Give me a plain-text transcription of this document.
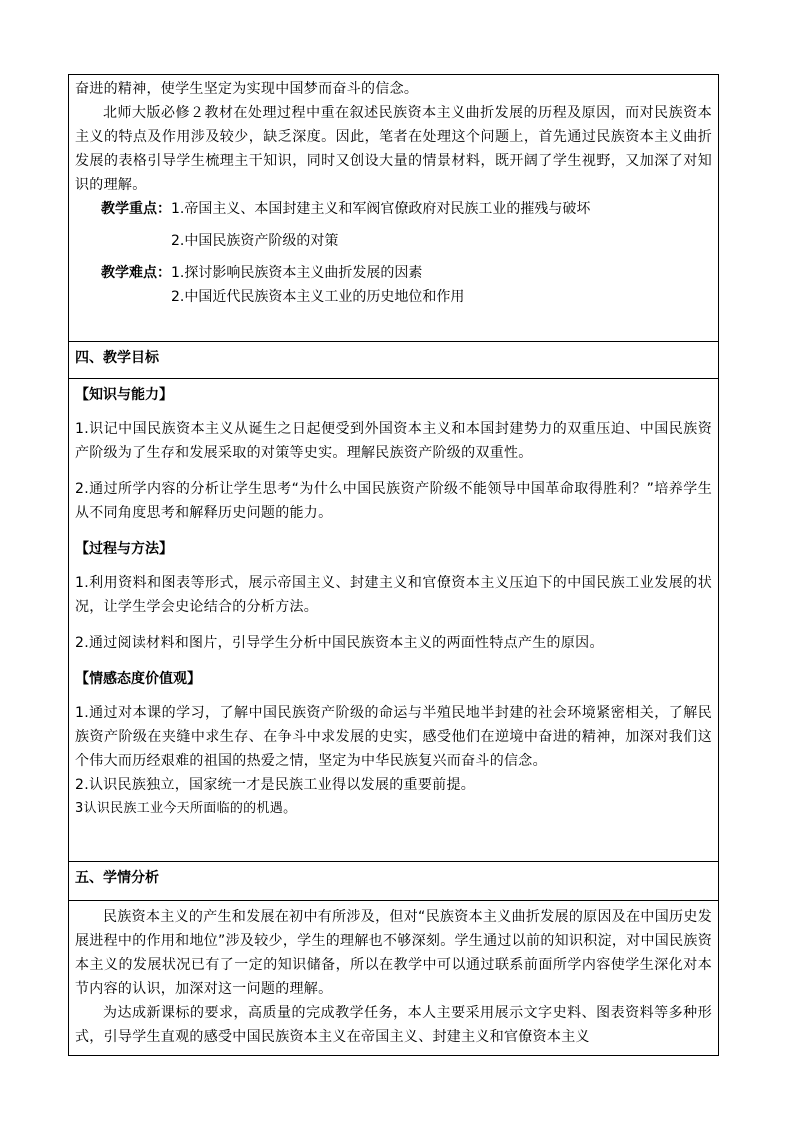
奋进的精神，使学生坚定为实现中国梦而奋斗的信念。

北师大版必修２教材在处理过程中重在叙述民族资本主义曲折发展的历程及原因，而对民族资本主义的特点及作用涉及较少，缺乏深度。因此，笔者在处理这个问题上，首先通过民族资本主义曲折发展的表格引导学生梳理主干知识，同时又创设大量的情景材料，既开阔了学生视野，又加深了对知识的理解。

教学重点： 1.帝国主义、本国封建主义和军阀官僚政府对民族工业的摧残与破坏
2.中国民族资产阶级的对策
教学难点： 1.探讨影响民族资本主义曲折发展的因素
2.中国近代民族资本主义工业的历史地位和作用

四、教学目标

【知识与能力】

1.识记中国民族资本主义从诞生之日起便受到外国资本主义和本国封建势力的双重压迫、中国民族资产阶级为了生存和发展采取的对策等史实。理解民族资产阶级的双重性。

2.通过所学内容的分析让学生思考“为什么中国民族资产阶级不能领导中国革命取得胜利？”培养学生从不同角度思考和解释历史问题的能力。

【过程与方法】

1.利用资料和图表等形式，展示帝国主义、封建主义和官僚资本主义压迫下的中国民族工业发展的状况，让学生学会史论结合的分析方法。

2.通过阅读材料和图片，引导学生分析中国民族资本主义的两面性特点产生的原因。

【情感态度价值观】

1.通过对本课的学习，了解中国民族资产阶级的命运与半殖民地半封建的社会环境紧密相关，了解民族资产阶级在夹缝中求生存、在争斗中求发展的史实，感受他们在逆境中奋进的精神，加深对我们这个伟大而历经艰难的祖国的热爱之情，坚定为中华民族复兴而奋斗的信念。

2.认识民族独立，国家统一才是民族工业得以发展的重要前提。

3认识民族工业今天所面临的的机遇。

五、学情分析

民族资本主义的产生和发展在初中有所涉及，但对“民族资本主义曲折发展的原因及在中国历史发展进程中的作用和地位”涉及较少，学生的理解也不够深刻。学生通过以前的知识积淀，对中国民族资本主义的发展状况已有了一定的知识储备，所以在教学中可以通过联系前面所学内容使学生深化对本节内容的认识，加深对这一问题的理解。

为达成新课标的要求，高质量的完成教学任务，本人主要采用展示文字史料、图表资料等多种形式，引导学生直观的感受中国民族资本主义在帝国主义、封建主义和官僚资本主义
